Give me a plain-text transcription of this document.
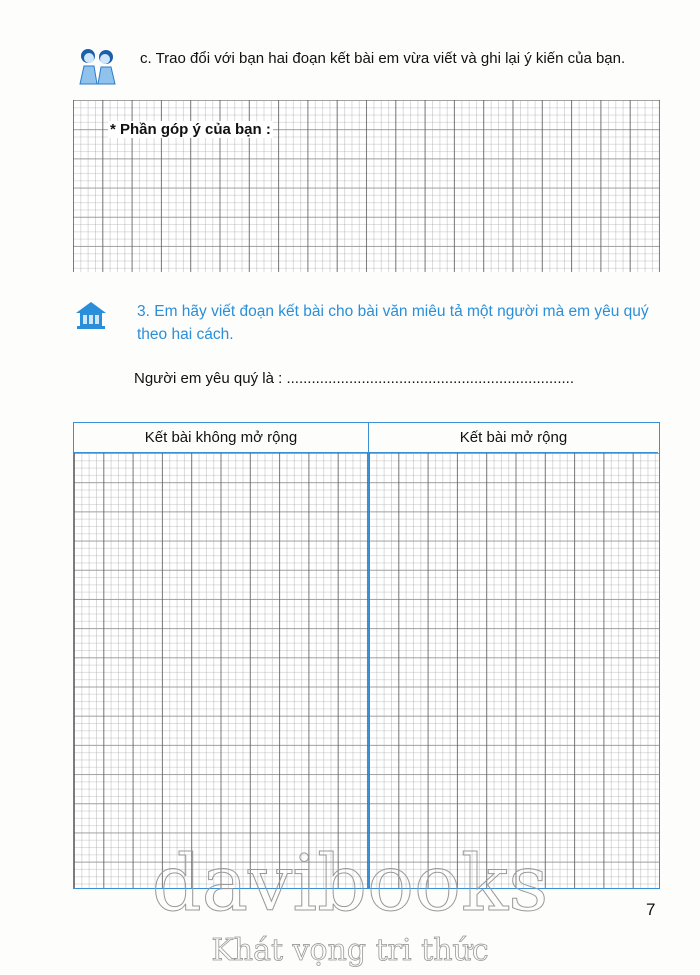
c. Trao đổi với bạn hai đoạn kết bài em vừa viết và ghi lại ý kiến của bạn.
* Phần góp ý của bạn :
3. Em hãy viết đoạn kết bài cho bài văn miêu tả một người mà em yêu quý theo hai cách.
Người em yêu quý là : .....................................................................
Kết bài không mở rộng	Kết bài mở rộng
davibooks
Khát vọng tri thức
7
